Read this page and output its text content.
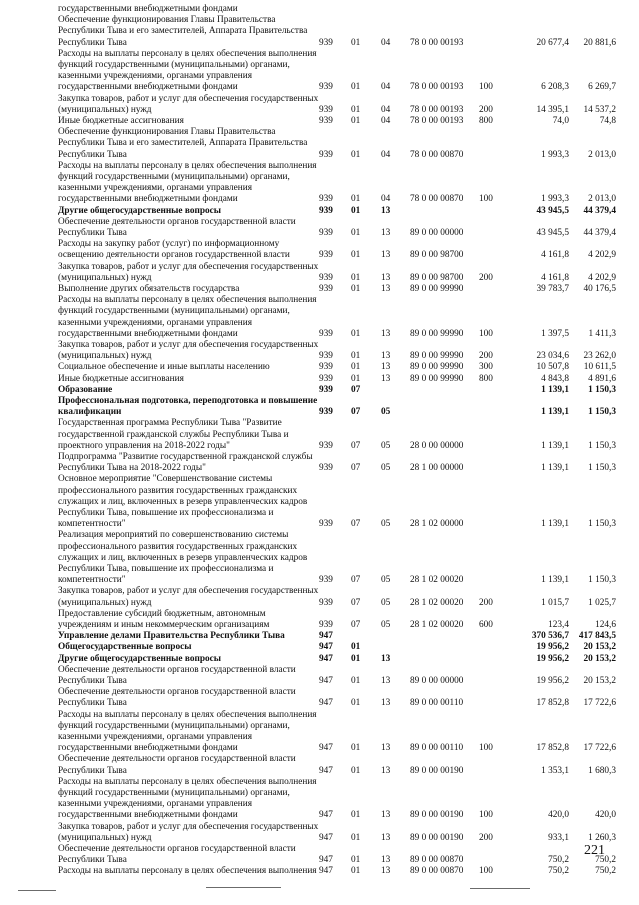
государственными внебюджетными фондами
Обеспечение функционирования Главы Правительства Республики Тыва и его заместителей, Аппарата Правительства Республики Тыва	939 01 04 78 0 00 00193	20 677,4	20 881,6
Расходы на выплаты персоналу в целях обеспечения выполнения функций государственными (муниципальными) органами, казенными учреждениями, органами управления государственными внебюджетными фондами	939 01 04 78 0 00 00193 100	6 208,3	6 269,7
Закупка товаров, работ и услуг для обеспечения государственных (муниципальных) нужд	939 01 04 78 0 00 00193 200	14 395,1	14 537,2
Иные бюджетные ассигнования	939 01 04 78 0 00 00193 800	74,0	74,8
Обеспечение функционирования Главы Правительства Республики Тыва и его заместителей, Аппарата Правительства Республики Тыва	939 01 04 78 0 00 00870	1 993,3	2 013,0
Расходы на выплаты персоналу в целях обеспечения выполнения функций государственными (муниципальными) органами, казенными учреждениями, органами управления государственными внебюджетными фондами	939 01 04 78 0 00 00870 100	1 993,3	2 013,0
Другие общегосударственные вопросы	939 01 13	43 945,5	44 379,4
Обеспечение деятельности органов государственной власти Республики Тыва	939 01 13 89 0 00 00000	43 945,5	44 379,4
Расходы на закупку работ (услуг) по информационному освещению деятельности органов государственной власти	939 01 13 89 0 00 98700	4 161,8	4 202,9
Закупка товаров, работ и услуг для обеспечения государственных (муниципальных) нужд	939 01 13 89 0 00 98700 200	4 161,8	4 202,9
Выполнение других обязательств государства	939 01 13 89 0 00 99990	39 783,7	40 176,5
Расходы на выплаты персоналу в целях обеспечения выполнения функций государственными (муниципальными) органами, казенными учреждениями, органами управления государственными внебюджетными фондами	939 01 13 89 0 00 99990 100	1 397,5	1 411,3
Закупка товаров, работ и услуг для обеспечения государственных (муниципальных) нужд	939 01 13 89 0 00 99990 200	23 034,6	23 262,0
Социальное обеспечение и иные выплаты населению	939 01 13 89 0 00 99990 300	10 507,8	10 611,5
Иные бюджетные ассигнования	939 01 13 89 0 00 99990 800	4 843,8	4 891,6
Образование	939 07	1 139,1	1 150,3
Профессиональная подготовка, переподготовка и повышение квалификации	939 07 05	1 139,1	1 150,3
Государственная программа Республики Тыва "Развитие государственной гражданской службы Республики Тыва и проектного управления на 2018-2022 годы"	939 07 05 28 0 00 00000	1 139,1	1 150,3
Подпрограмма "Развитие государственной гражданской службы Республики Тыва на 2018-2022 годы"	939 07 05 28 1 00 00000	1 139,1	1 150,3
Основное мероприятие "Совершенствование системы профессионального развития государственных гражданских служащих и лиц, включенных в резерв управленческих кадров Республики Тыва, повышение их профессионализма и компетентности"	939 07 05 28 1 02 00000	1 139,1	1 150,3
Реализация мероприятий по совершенствованию системы профессионального развития государственных гражданских служащих и лиц, включенных в резерв управленческих кадров Республики Тыва, повышение их профессионализма и компетентности"	939 07 05 28 1 02 00020	1 139,1	1 150,3
Закупка товаров, работ и услуг для обеспечения государственных (муниципальных) нужд	939 07 05 28 1 02 00020 200	1 015,7	1 025,7
Предоставление субсидий бюджетным, автономным учреждениям и иным некоммерческим организациям	939 07 05 28 1 02 00020 600	123,4	124,6
Управление делами Правительства Республики Тыва	947	370 536,7	417 843,5
Общегосударственные вопросы	947 01	19 956,2	20 153,2
Другие общегосударственные вопросы	947 01 13	19 956,2	20 153,2
Обеспечение деятельности органов государственной власти Республики Тыва	947 01 13 89 0 00 00000	19 956,2	20 153,2
Обеспечение деятельности органов государственной власти Республики Тыва	947 01 13 89 0 00 00110	17 852,8	17 722,6
Расходы на выплаты персоналу в целях обеспечения выполнения функций государственными (муниципальными) органами, казенными учреждениями, органами управления государственными внебюджетными фондами	947 01 13 89 0 00 00110 100	17 852,8	17 722,6
Обеспечение деятельности органов государственной власти Республики Тыва	947 01 13 89 0 00 00190	1 353,1	1 680,3
Расходы на выплаты персоналу в целях обеспечения выполнения функций государственными (муниципальными) органами, казенными учреждениями, органами управления государственными внебюджетными фондами	947 01 13 89 0 00 00190 100	420,0	420,0
Закупка товаров, работ и услуг для обеспечения государственных (муниципальных) нужд	947 01 13 89 0 00 00190 200	933,1	1 260,3
Обеспечение деятельности органов государственной власти Республики Тыва	947 01 13 89 0 00 00870	750,2	750,2
Расходы на выплаты персоналу в целях обеспечения выполнения 947 01 13 89 0 00 00870 100	750,2	750,2
221
